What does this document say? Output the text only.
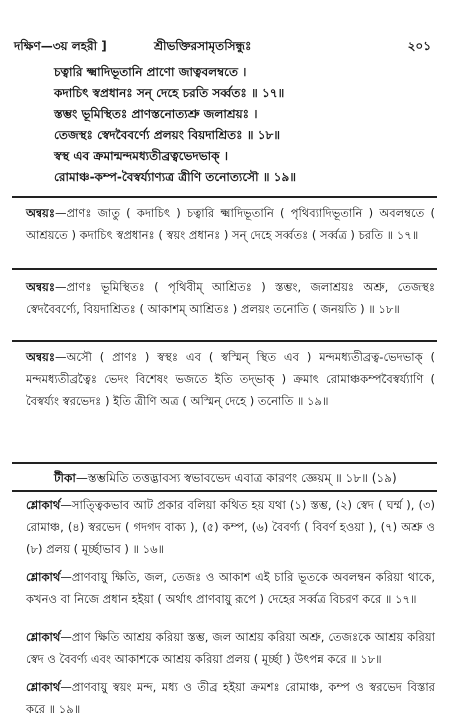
দক্ষিণ—৩য় লহরী ]	শ্রীভক্তিরসামৃতসিন্ধুঃ	২০১
চত্বারি ক্ষ্মাদিভূতানি প্রাণো জাত্ববলম্বতে ।
কদাচিৎ স্বপ্রধানঃ সন্ দেহে চরতি সর্ব্বতঃ ॥ ১৭॥
স্তম্ভং ভূমিস্থিতঃ প্রাণস্তনোত্যশ্রু জলাশ্রয়ঃ ।
তেজস্থঃ স্বেদবৈবর্ণ্যে প্রলয়ং বিয়দাশ্রিতঃ ॥ ১৮॥
স্বস্থ এব ক্রমান্মন্দমধ্যতীব্রত্বভেদভাক্ ।
রোমাঞ্চ-কম্প-বৈস্বর্য্যাণ্যত্র ত্রীণি তনোত্যসৌ ॥ ১৯॥
অন্বয়ঃ—প্রাণঃ জাতু ( কদাচিৎ ) চত্বারি ক্ষ্মাদিভূতানি ( পৃথিব্যাদিভূতানি ) অবলম্বতে ( আশ্রয়তে ) কদাচিৎ স্বপ্রধানঃ ( স্বয়ং প্রধানঃ ) সন্ দেহে সর্ব্বতঃ ( সর্ব্বত্র ) চরতি ॥ ১৭॥
অন্বয়ঃ—প্রাণঃ ভূমিস্থিতঃ ( পৃথিবীম্ আশ্রিতঃ ) স্তম্ভং, জলাশ্রয়ঃ অশ্রু, তেজস্থঃ স্বেদবৈবর্ণ্যে, বিয়দাশ্রিতঃ ( আকাশম্ আশ্রিতঃ ) প্রলয়ং তনোতি ( জনয়তি ) ॥ ১৮॥
অন্বয়ঃ—অসৌ ( প্রাণঃ ) স্বস্থঃ এব ( স্বস্মিন্ স্থিত এব ) মন্দমধ্যতীব্রত্ব-ভেদভাক্ ( মন্দমধ্যতীব্রত্বৈঃ ভেদং বিশেষং ভজতে ইতি তদ্‌ভাক্ ) ক্রমাৎ রোমাঞ্চকম্পবৈস্বর্য্যাণি ( বৈস্বর্য্যং স্বরভেদঃ ) ইতি ত্রীণি অত্র ( অস্মিন্ দেহে ) তনোতি ॥ ১৯॥
টীকা—স্তম্ভমিতি তত্তদ্ভাবস্য স্বভাবভেদ এবাত্র কারণং জ্ঞেয়ম্ ॥ ১৮॥ (১৯)
শ্লোকার্থ—সাত্ত্বিকভাব আট প্রকার বলিয়া কথিত হয় যথা (১) স্তম্ভ, (২) স্বেদ ( ঘর্ম্ম ), (৩) রোমাঞ্চ, (৪) স্বরভেদ ( গদগদ বাক্য ), (৫) কম্প, (৬) বৈবর্ণ্য ( বিবর্ণ হওয়া ), (৭) অশ্রু ও (৮) প্রলয় ( মূর্চ্ছাভাব ) ॥ ১৬॥
শ্লোকার্থ—প্রাণবায়ু ক্ষিতি, জল, তেজঃ ও আকাশ এই চারি ভূতকে অবলম্বন করিয়া থাকে, কখনও বা নিজে প্রধান হইয়া ( অর্থাৎ প্রাণবায়ু রূপে ) দেহের সর্ব্বত্র বিচরণ করে ॥ ১৭॥
শ্লোকার্থ—প্রাণ ক্ষিতি আশ্রয় করিয়া স্তম্ভ, জল আশ্রয় করিয়া অশ্রু, তেজঃকে আশ্রয় করিয়া স্বেদ ও বৈবর্ণ্য এবং আকাশকে আশ্রয় করিয়া প্রলয় ( মূর্চ্ছা ) উৎপন্ন করে ॥ ১৮॥
শ্লোকার্থ—প্রাণবায়ু স্বয়ং মন্দ, মধ্য ও তীব্র হইয়া ক্রমশঃ রোমাঞ্চ, কম্প ও স্বরভেদ বিস্তার করে ॥ ১৯॥
